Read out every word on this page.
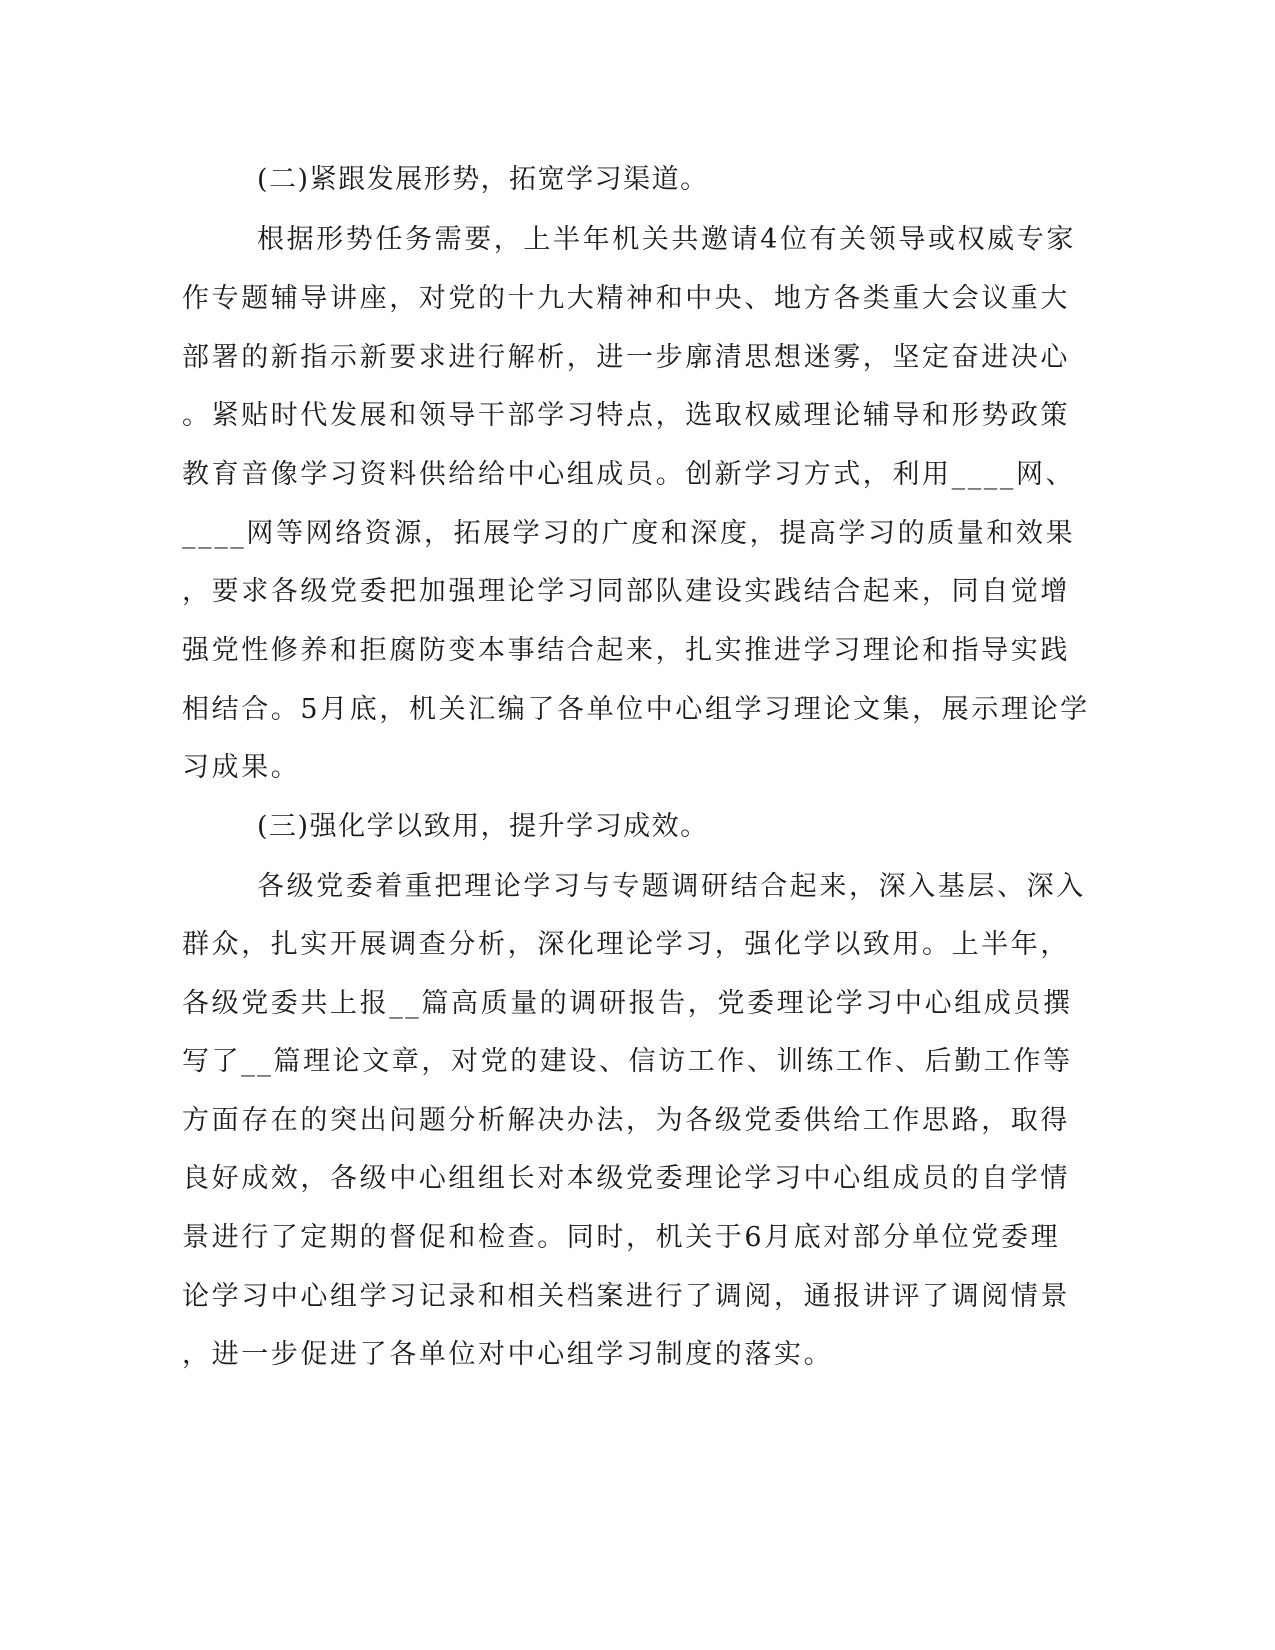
(二)紧跟发展形势，拓宽学习渠道。
根据形势任务需要，上半年机关共邀请4位有关领导或权威专家
作专题辅导讲座，对党的十九大精神和中央、地方各类重大会议重大
部署的新指示新要求进行解析，进一步廓清思想迷雾，坚定奋进决心
。紧贴时代发展和领导干部学习特点，选取权威理论辅导和形势政策
教育音像学习资料供给给中心组成员。创新学习方式，利用____网、
____网等网络资源，拓展学习的广度和深度，提高学习的质量和效果
，要求各级党委把加强理论学习同部队建设实践结合起来，同自觉增
强党性修养和拒腐防变本事结合起来，扎实推进学习理论和指导实践
相结合。5月底，机关汇编了各单位中心组学习理论文集，展示理论学
习成果。
(三)强化学以致用，提升学习成效。
各级党委着重把理论学习与专题调研结合起来，深入基层、深入
群众，扎实开展调查分析，深化理论学习，强化学以致用。上半年，
各级党委共上报__篇高质量的调研报告，党委理论学习中心组成员撰
写了__篇理论文章，对党的建设、信访工作、训练工作、后勤工作等
方面存在的突出问题分析解决办法，为各级党委供给工作思路，取得
良好成效，各级中心组组长对本级党委理论学习中心组成员的自学情
景进行了定期的督促和检查。同时，机关于6月底对部分单位党委理
论学习中心组学习记录和相关档案进行了调阅，通报讲评了调阅情景
，进一步促进了各单位对中心组学习制度的落实。
